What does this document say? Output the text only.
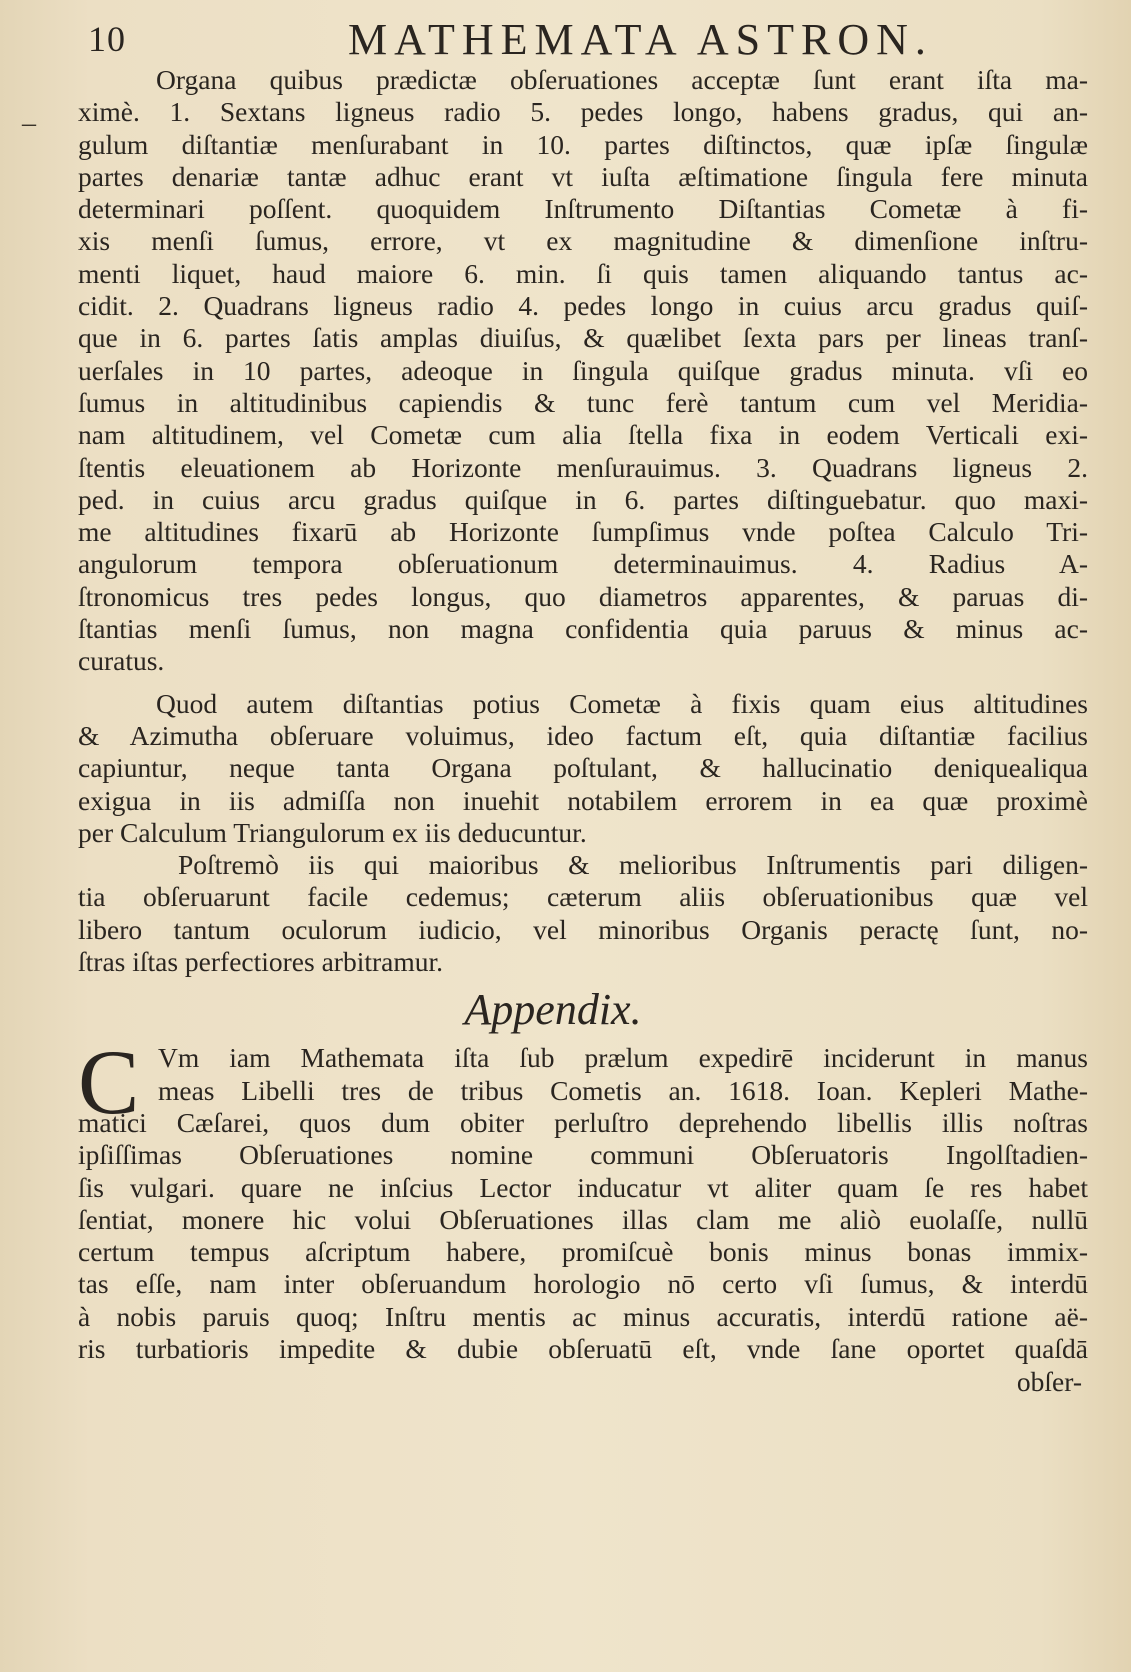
10	MATHEMATA ASTRON.
–
Organa quibus prædictæ obſeruationes acceptæ ſunt erant iſta ma-
ximè. 1. Sextans ligneus radio 5. pedes longo, habens gradus, qui an-
gulum diſtantiæ menſurabant in 10. partes diſtinctos, quæ ipſæ ſingulæ
partes denariæ tantæ adhuc erant vt iuſta æſtimatione ſingula fere minuta
determinari poſſent. quoquidem Inſtrumento Diſtantias Cometæ à fi-
xis menſi ſumus, errore, vt ex magnitudine & dimenſione inſtru-
menti liquet, haud maiore 6. min. ſi quis tamen aliquando tantus ac-
cidit. 2. Quadrans ligneus radio 4. pedes longo in cuius arcu gradus quiſ-
que in 6. partes ſatis amplas diuiſus, & quælibet ſexta pars per lineas tranſ-
uerſales in 10 partes, adeoque in ſingula quiſque gradus minuta. vſi eo
ſumus in altitudinibus capiendis & tunc ferè tantum cum vel Meridia-
nam altitudinem, vel Cometæ cum alia ſtella fixa in eodem Verticali exi-
ſtentis eleuationem ab Horizonte menſurauimus. 3. Quadrans ligneus 2.
ped. in cuius arcu gradus quiſque in 6. partes diſtinguebatur. quo maxi-
me altitudines fixarū ab Horizonte ſumpſimus vnde poſtea Calculo Tri-
angulorum tempora obſeruationum determinauimus. 4. Radius A-
ſtronomicus tres pedes longus, quo diametros apparentes, & paruas di-
ſtantias menſi ſumus, non magna confidentia quia paruus & minus ac-
curatus.
Quod autem diſtantias potius Cometæ à fixis quam eius altitudines
& Azimutha obſeruare voluimus, ideo factum eſt, quia diſtantiæ facilius
capiuntur, neque tanta Organa poſtulant, & hallucinatio deniquealiqua
exigua in iis admiſſa non inuehit notabilem errorem in ea quæ proximè
per Calculum Triangulorum ex iis deducuntur.
Poſtremò iis qui maioribus & melioribus Inſtrumentis pari diligen-
tia obſeruarunt facile cedemus; cæterum aliis obſeruationibus quæ vel
libero tantum oculorum iudicio, vel minoribus Organis peractę ſunt, no-
ſtras iſtas perfectiores arbitramur.
Appendix.
C Vm iam Mathemata iſta ſub prælum expedirē inciderunt in manus
meas Libelli tres de tribus Cometis an. 1618. Ioan. Kepleri Mathe-
matici Cæſarei, quos dum obiter perluſtro deprehendo libellis illis noſtras
ipſiſſimas Obſeruationes nomine communi Obſeruatoris Ingolſtadien-
ſis vulgari. quare ne inſcius Lector inducatur vt aliter quam ſe res habet
ſentiat, monere hic volui Obſeruationes illas clam me aliò euolaſſe, nullū
certum tempus aſcriptum habere, promiſcuè bonis minus bonas immix-
tas eſſe, nam inter obſeruandum horologio nō certo vſi ſumus, & interdū
à nobis paruis quoq; Inſtru mentis ac minus accuratis, interdū ratione aë-
ris turbatioris impedite & dubie obſeruatū eſt, vnde ſane oportet quaſdā
obſer-
